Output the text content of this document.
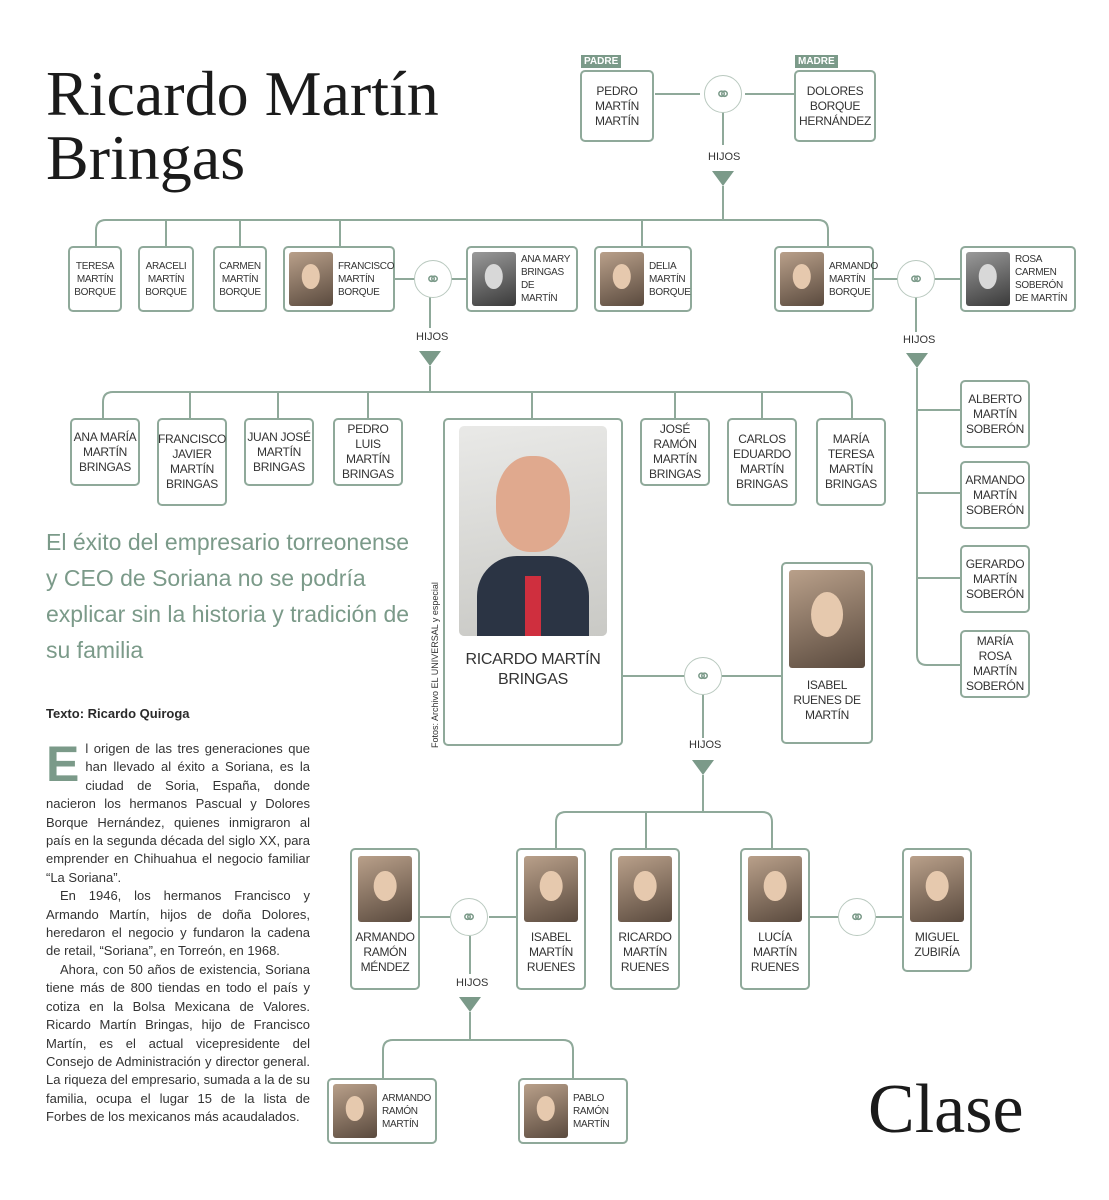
Ricardo Martín
Bringas
PADRE
PEDRO MARTÍN MARTÍN
⚭
MADRE
DOLORES BORQUE HERNÁNDEZ
HIJOS
TERESA MARTÍN BORQUE
ARACELI MARTÍN BORQUE
CARMEN MARTÍN BORQUE
FRANCISCO MARTÍN BORQUE
⚭
ANA MARY BRINGAS DE MARTÍN
DELIA MARTÍN BORQUE
ARMANDO MARTÍN BORQUE
⚭
ROSA CARMEN SOBERÓN DE MARTÍN
HIJOS	HIJOS
ANA MARÍA MARTÍN BRINGAS
FRANCISCO JAVIER MARTÍN BRINGAS
JUAN JOSÉ MARTÍN BRINGAS
PEDRO LUIS MARTÍN BRINGAS
RICARDO MARTÍN BRINGAS
JOSÉ RAMÓN MARTÍN BRINGAS
CARLOS EDUARDO MARTÍN BRINGAS
MARÍA TERESA MARTÍN BRINGAS
ALBERTO MARTÍN SOBERÓN
ARMANDO MARTÍN SOBERÓN
GERARDO MARTÍN SOBERÓN
MARÍA ROSA MARTÍN SOBERÓN
⚭	ISABEL RUENES DE MARTÍN
HIJOS
El éxito del empresario torreonense y CEO de Soriana no se podría explicar sin la historia y tradición de su familia
Texto: Ricardo Quiroga

El origen de las tres generaciones que han llevado al éxito a Soriana, es la ciudad de Soria, España, donde nacieron los hermanos Pascual y Dolores Borque Hernández, quienes inmigraron al país en la segunda década del siglo XX, para emprender en Chihuahua el negocio familiar “La Soriana”.

En 1946, los hermanos Francisco y Armando Martín, hijos de doña Dolores, heredaron el negocio y fundaron la cadena de retail, “Soriana”, en Torreón, en 1968.

Ahora, con 50 años de existencia, Soriana tiene más de 800 tiendas en todo el país y cotiza en la Bolsa Mexicana de Valores. Ricardo Martín Bringas, hijo de Francisco Martín, es el actual vicepresidente del Consejo de Administración y director general. La riqueza del empresario, sumada a la de su familia, ocupa el lugar 15 de la lista de Forbes de los mexicanos más acaudalados.

Fotos: Archivo EL UNIVERSAL y especial
ARMANDO RAMÓN MÉNDEZ
⚭
ISABEL MARTÍN RUENES
RICARDO MARTÍN RUENES
LUCÍA MARTÍN RUENES
⚭
MIGUEL ZUBIRÍA
HIJOS
ARMANDO RAMÓN MARTÍN
PABLO RAMÓN MARTÍN	Clase
